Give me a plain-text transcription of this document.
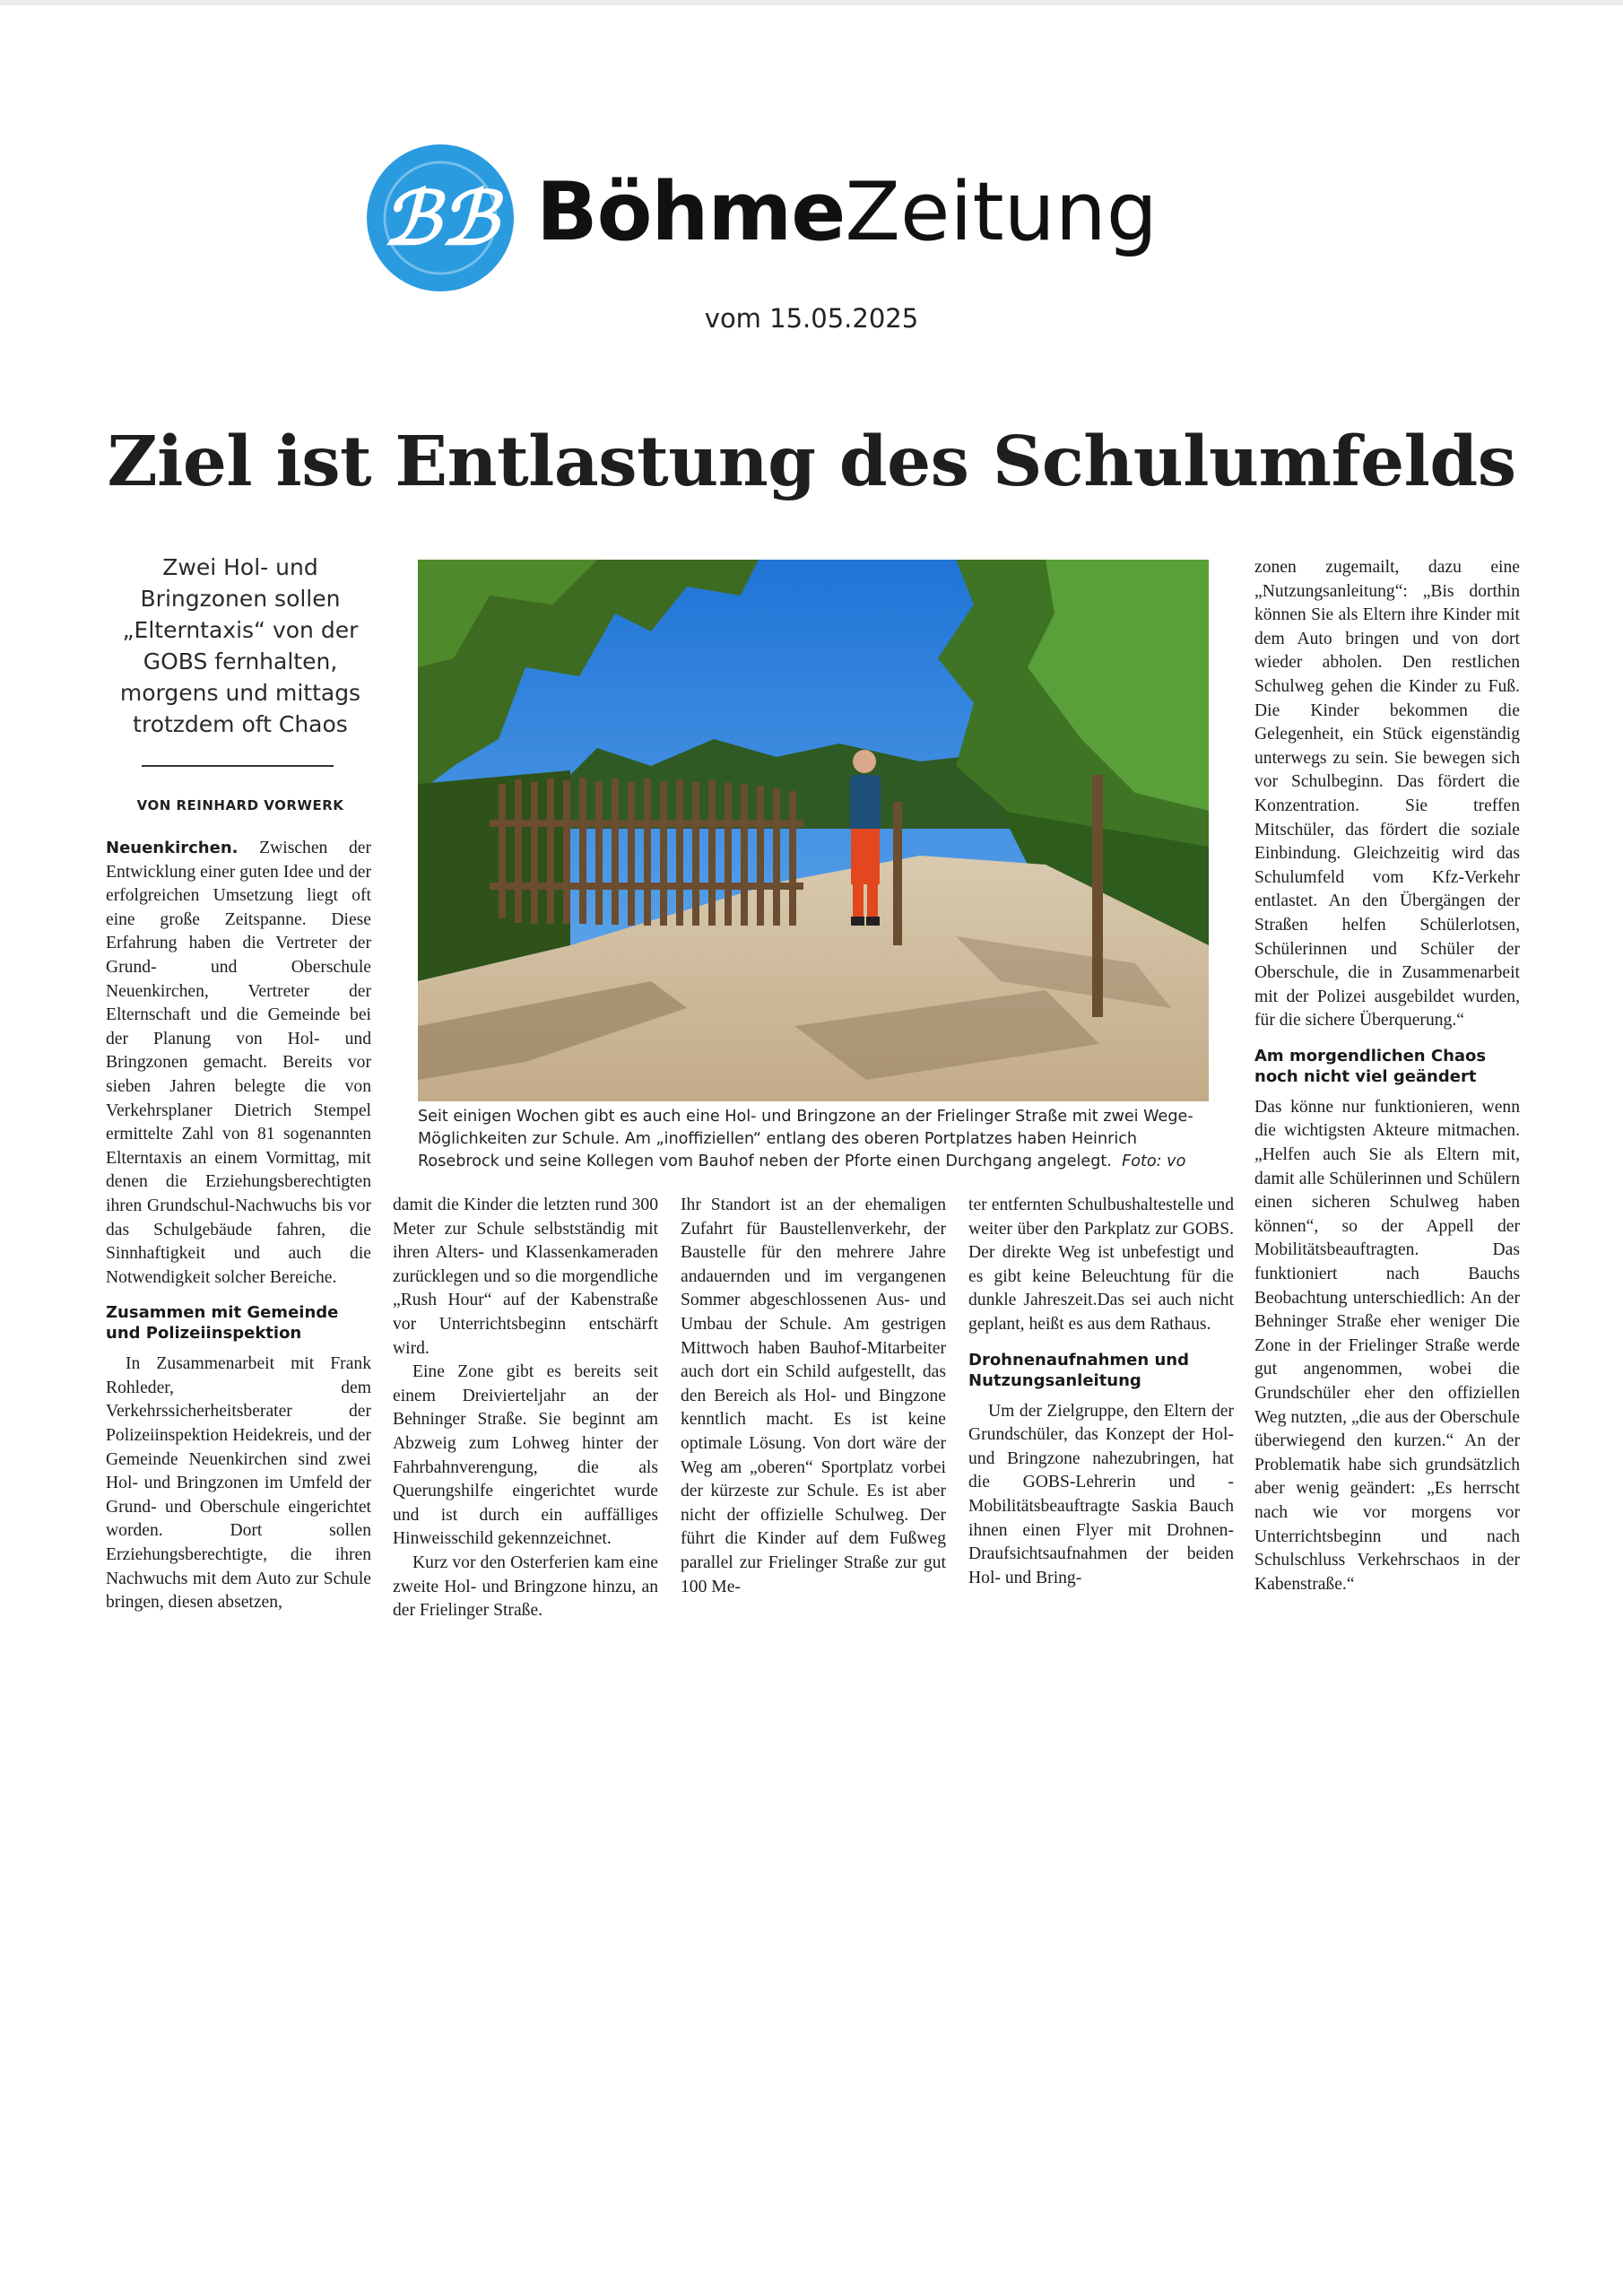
ℬℬ BöhmeZeitung
vom 15.05.2025
Ziel ist Entlastung des Schulumfelds
Zwei Hol- und Bringzonen sollen „Elterntaxis“ von der GOBS fernhalten, morgens und mittags trotzdem oft Chaos
VON REINHARD VORWERK

Neuenkirchen. Zwischen der Entwicklung einer guten Idee und der erfolgreichen Umsetzung liegt oft eine große Zeitspanne. Diese Erfahrung haben die Vertreter der Grund- und Oberschule Neuenkirchen, Vertreter der Elternschaft und die Gemeinde bei der Planung von Hol- und Bringzonen gemacht. Bereits vor sieben Jahren belegte die von Verkehrsplaner Dietrich Stempel ermittelte Zahl von 81 sogenannten Elterntaxis an einem Vormittag, mit denen die Erziehungsberechtigten ihren Grundschul-Nachwuchs bis vor das Schulgebäude fahren, die Sinnhaftigkeit und auch die Notwendigkeit solcher Bereiche.

Zusammen mit Gemeinde und Polizeiinspektion

In Zusammenarbeit mit Frank Rohleder, dem Verkehrssicherheitsberater der Polizeiinspektion Heidekreis, und der Gemeinde Neuenkirchen sind zwei Hol- und Bringzonen im Umfeld der Grund- und Oberschule eingerichtet worden. Dort sollen Erziehungsberechtigte, die ihren Nachwuchs mit dem Auto zur Schule bringen, diesen absetzen,

Seit einigen Wochen gibt es auch eine Hol- und Bringzone an der Frielinger Straße mit zwei Wege-Möglichkeiten zur Schule. Am „inoffiziellen“ entlang des oberen Portplatzes haben Heinrich Rosebrock und seine Kollegen vom Bauhof neben der Pforte einen Durchgang angelegt. Foto: vo

damit die Kinder die letzten rund 300 Meter zur Schule selbstständig mit ihren Alters- und Klassenkameraden zurücklegen und so die morgendliche „Rush Hour“ auf der Kabenstraße vor Unterrichtsbeginn entschärft wird.

Eine Zone gibt es bereits seit einem Dreivierteljahr an der Behninger Straße. Sie beginnt am Abzweig zum Lohweg hinter der Fahrbahnverengung, die als Querungshilfe eingerichtet wurde und ist durch ein auffälliges Hinweisschild gekennzeichnet.

Kurz vor den Osterferien kam eine zweite Hol- und Bringzone hinzu, an der Frielinger Straße.

Ihr Standort ist an der ehemaligen Zufahrt für Baustellenverkehr, der Baustelle für den mehrere Jahre andauernden und im vergangenen Sommer abgeschlossenen Aus- und Umbau der Schule. Am gestrigen Mittwoch haben Bauhof-Mitarbeiter auch dort ein Schild aufgestellt, das den Bereich als Hol- und Bingzone kenntlich macht. Es ist keine optimale Lösung. Von dort wäre der Weg am „oberen“ Sportplatz vorbei der kürzeste zur Schule. Es ist aber nicht der offizielle Schulweg. Der führt die Kinder auf dem Fußweg parallel zur Frielinger Straße zur gut 100 Me-

ter entfernten Schulbushaltestelle und weiter über den Parkplatz zur GOBS. Der direkte Weg ist unbefestigt und es gibt keine Beleuchtung für die dunkle Jahreszeit.Das sei auch nicht geplant, heißt es aus dem Rathaus.

Drohnenaufnahmen und Nutzungsanleitung

Um der Zielgruppe, den Eltern der Grundschüler, das Konzept der Hol- und Bringzone nahezubringen, hat die GOBS-Lehrerin und -Mobilitätsbeauftragte Saskia Bauch ihnen einen Flyer mit Drohnen-Draufsichtsaufnahmen der beiden Hol- und Bring-

zonen zugemailt, dazu eine „Nutzungsanleitung“: „Bis dorthin können Sie als Eltern ihre Kinder mit dem Auto bringen und von dort wieder abholen. Den restlichen Schulweg gehen die Kinder zu Fuß. Die Kinder bekommen die Gelegenheit, ein Stück eigenständig unterwegs zu sein. Sie bewegen sich vor Schulbeginn. Das fördert die Konzentration. Sie treffen Mitschüler, das fördert die soziale Einbindung. Gleichzeitig wird das Schulumfeld vom Kfz-Verkehr entlastet. An den Übergängen der Straßen helfen Schülerlotsen, Schülerinnen und Schüler der Oberschule, die in Zusammenarbeit mit der Polizei ausgebildet wurden, für die sichere Überquerung.“

Am morgendlichen Chaos noch nicht viel geändert

Das könne nur funktionieren, wenn die wichtigsten Akteure mitmachen. „Helfen auch Sie als Eltern mit, damit alle Schülerinnen und Schülern einen sicheren Schulweg haben können“, so der Appell der Mobilitätsbeauftragten. Das funktioniert nach Bauchs Beobachtung unterschiedlich: An der Behninger Straße eher weniger Die Zone in der Frielinger Straße werde gut angenommen, wobei die Grundschüler eher den offiziellen Weg nutzten, „die aus der Oberschule überwiegend den kurzen.“ An der Problematik habe sich grundsätzlich aber wenig geändert: „Es herrscht nach wie vor morgens vor Unterrichtsbeginn und nach Schulschluss Verkehrschaos in der Kabenstraße.“
